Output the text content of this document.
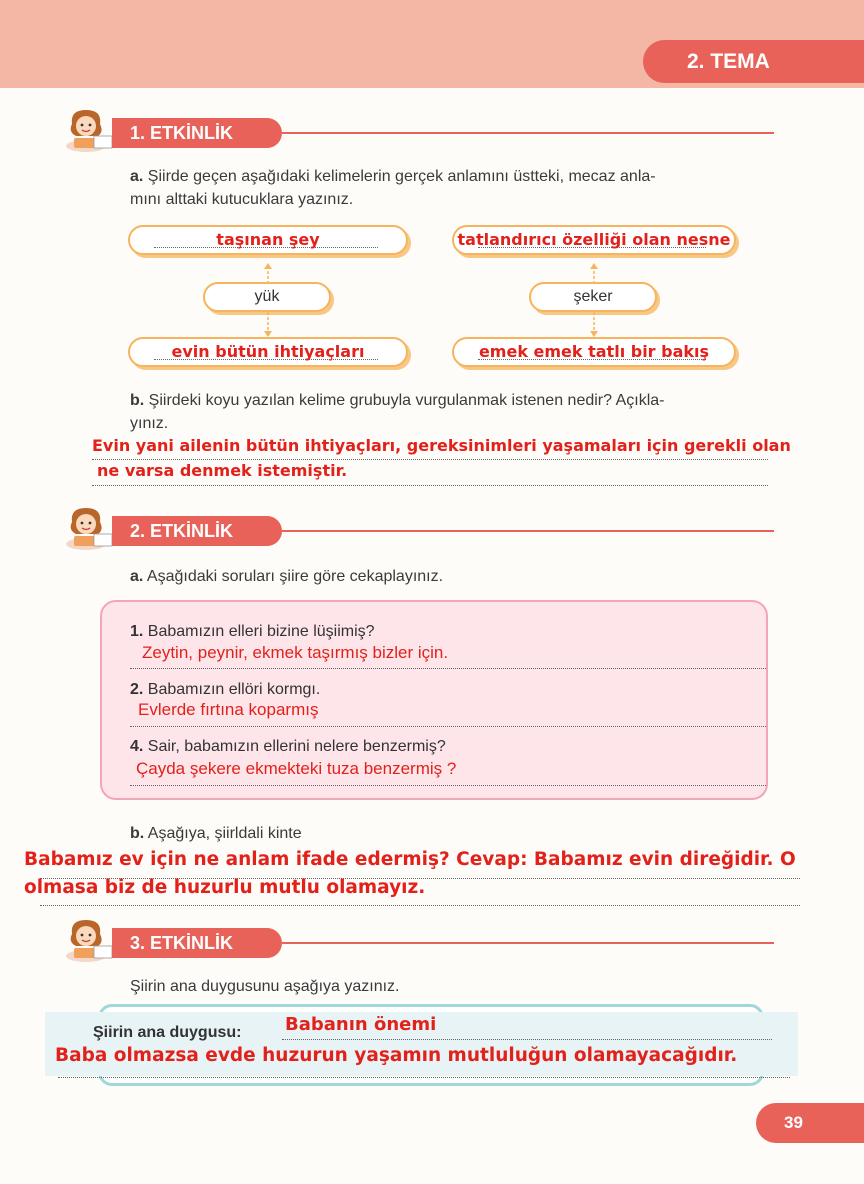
2. TEMA
1. ETKİNLİK
a. Şiirde geçen aşağıdaki kelimelerin gerçek anlamını üstteki, mecaz anla-
mını alttaki kutucuklara yazınız.
taşınan şey
yük
evin bütün ihtiyaçları
tatlandırıcı özelliği olan nesne
şeker
emek emek tatlı bir bakış
b. Şiirdeki koyu yazılan kelime grubuyla vurgulanmak istenen nedir? Açıkla-
yınız.
Evin yani ailenin bütün ihtiyaçları, gereksinimleri yaşamaları için gerekli olan
ne varsa denmek istemiştir.
2. ETKİNLİK
a. Aşağıdaki soruları şiire göre cekaplayınız.
1. Babamızın elleri bizine lüşiimiş?
Zeytin, peynir, ekmek taşırmış bizler için.
2. Babamızın ellöri kormgı.
Evlerde fırtına koparmış
4. Sair, babamızın ellerini nelere benzermiş?
Çayda şekere ekmekteki tuza benzermiş ?
b. Aşağıya, şiirldali kinte
Babamız ev için ne anlam ifade edermiş? Cevap: Babamız evin direğidir. O
olmasa biz de huzurlu mutlu olamayız.
3. ETKİNLİK
Şiirin ana duygusunu aşağıya yazınız.
Şiirin ana duygusu: Babanın önemi
Baba olmazsa evde huzurun yaşamın mutluluğun olamayacağıdır.
39
